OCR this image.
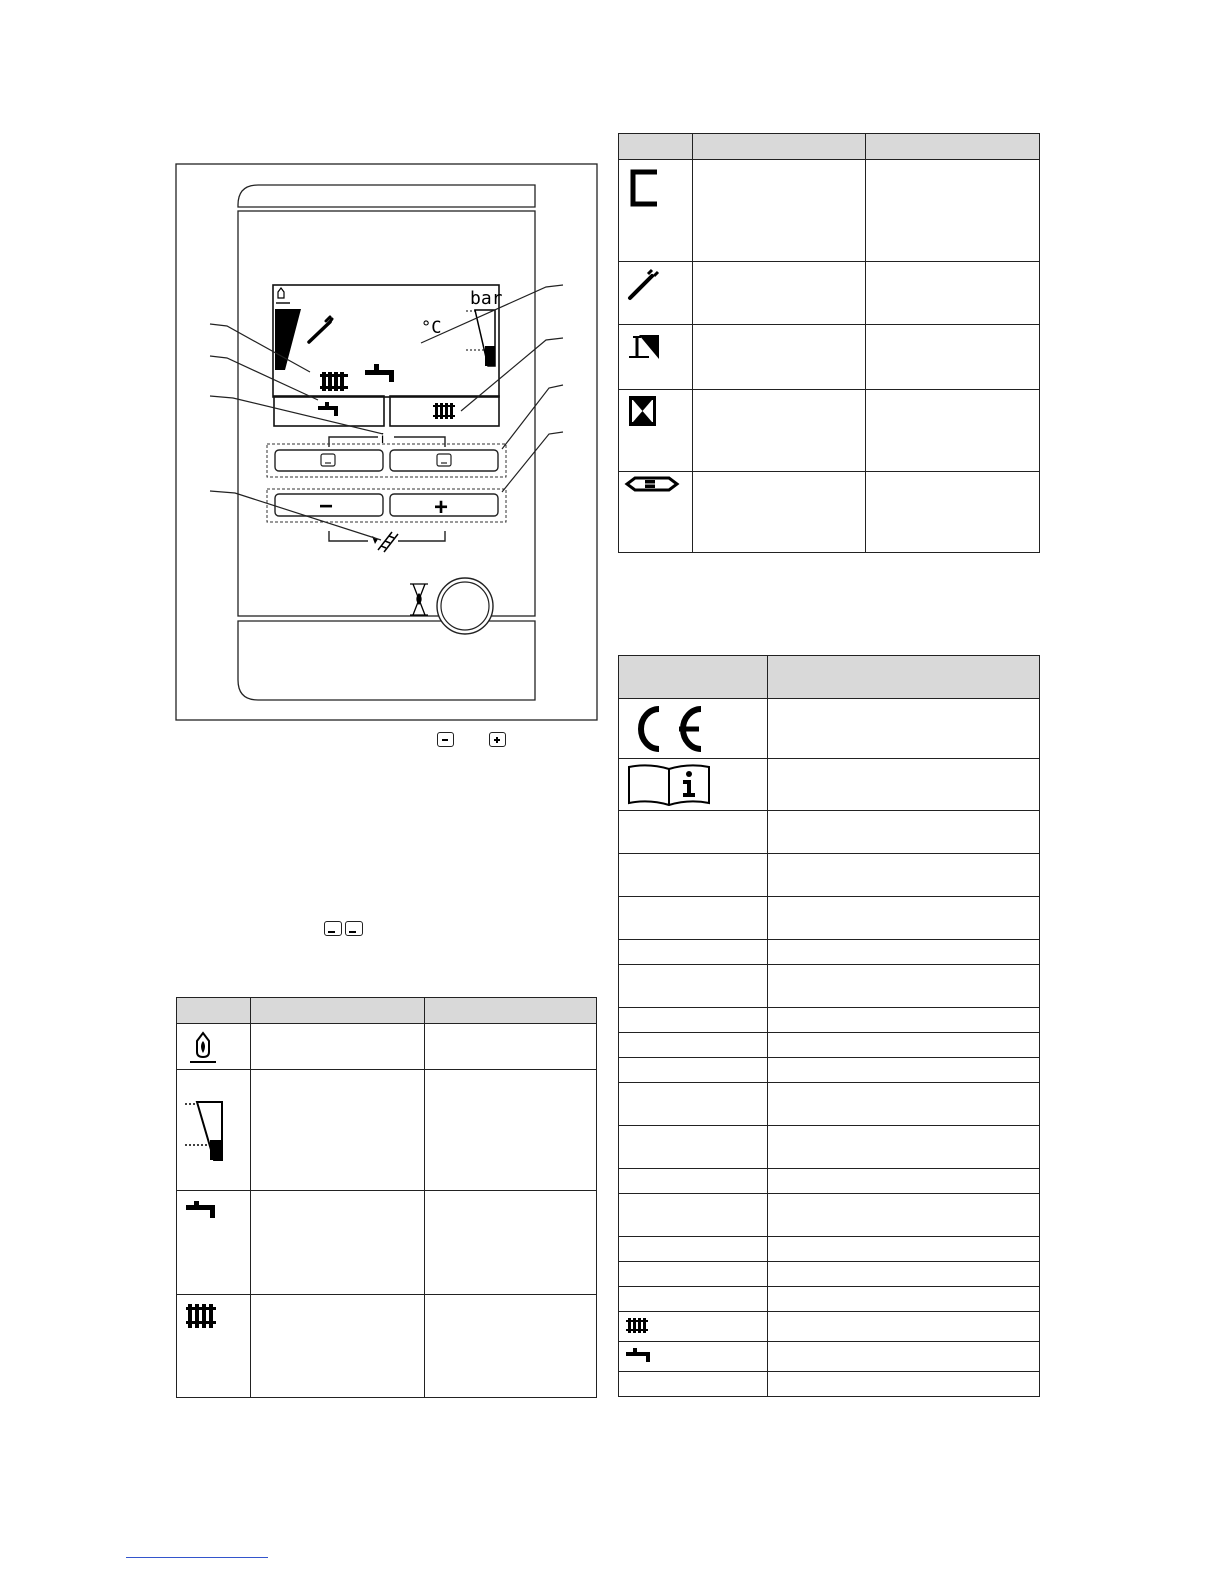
°C
bar
i
−	+
